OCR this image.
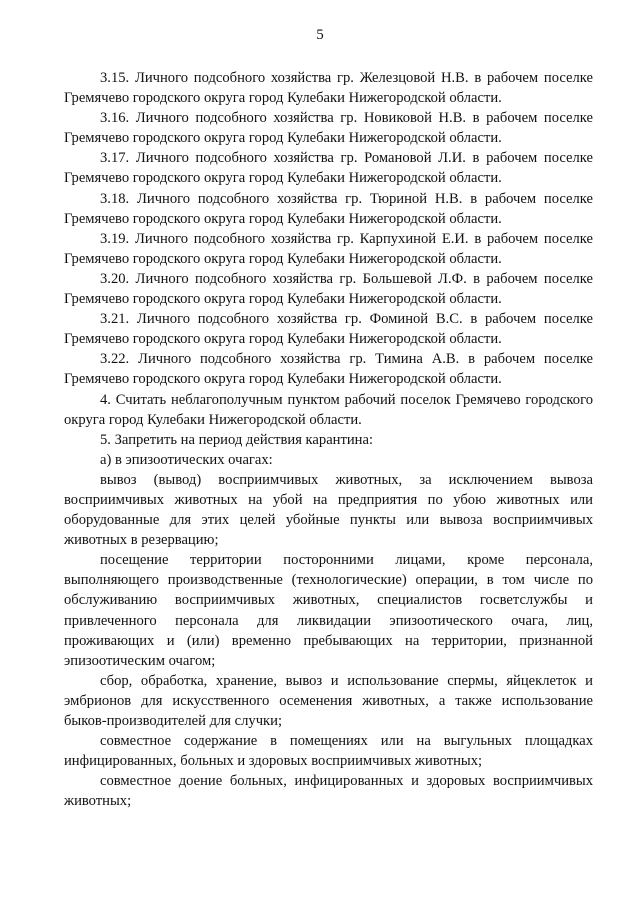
5

3.15. Личного подсобного хозяйства гр. Железцовой Н.В. в рабочем поселке Гремячево городского округа город Кулебаки Нижегородской области.

3.16. Личного подсобного хозяйства гр. Новиковой Н.В. в рабочем поселке Гремячево городского округа город Кулебаки Нижегородской области.

3.17. Личного подсобного хозяйства гр. Романовой Л.И. в рабочем поселке Гремячево городского округа город Кулебаки Нижегородской области.

3.18. Личного подсобного хозяйства гр. Тюриной Н.В. в рабочем поселке Гремячево городского округа город Кулебаки Нижегородской области.

3.19. Личного подсобного хозяйства гр. Карпухиной Е.И. в рабочем поселке Гремячево городского округа город Кулебаки Нижегородской области.

3.20. Личного подсобного хозяйства гр. Большевой Л.Ф. в рабочем поселке Гремячево городского округа город Кулебаки Нижегородской области.

3.21. Личного подсобного хозяйства гр. Фоминой В.С. в рабочем поселке Гремячево городского округа город Кулебаки Нижегородской области.

3.22. Личного подсобного хозяйства гр. Тимина А.В. в рабочем поселке Гремячево городского округа город Кулебаки Нижегородской области.

4. Считать неблагополучным пунктом рабочий поселок Гремячево городского округа город Кулебаки Нижегородской области.

5. Запретить на период действия карантина:

а) в эпизоотических очагах:

вывоз (вывод) восприимчивых животных, за исключением вывоза восприимчивых животных на убой на предприятия по убою животных или оборудованные для этих целей убойные пункты или вывоза восприимчивых животных в резервацию;

посещение территории посторонними лицами, кроме персонала, выполняющего производственные (технологические) операции, в том числе по обслуживанию восприимчивых животных, специалистов госветслужбы и привлеченного персонала для ликвидации эпизоотического очага, лиц, проживающих и (или) временно пребывающих на территории, признанной эпизоотическим очагом;

сбор, обработка, хранение, вывоз и использование спермы, яйцеклеток и эмбрионов для искусственного осеменения животных, а также использование быков-производителей для случки;

совместное содержание в помещениях или на выгульных площадках инфицированных, больных и здоровых восприимчивых животных;

совместное доение больных, инфицированных и здоровых восприимчивых животных;
